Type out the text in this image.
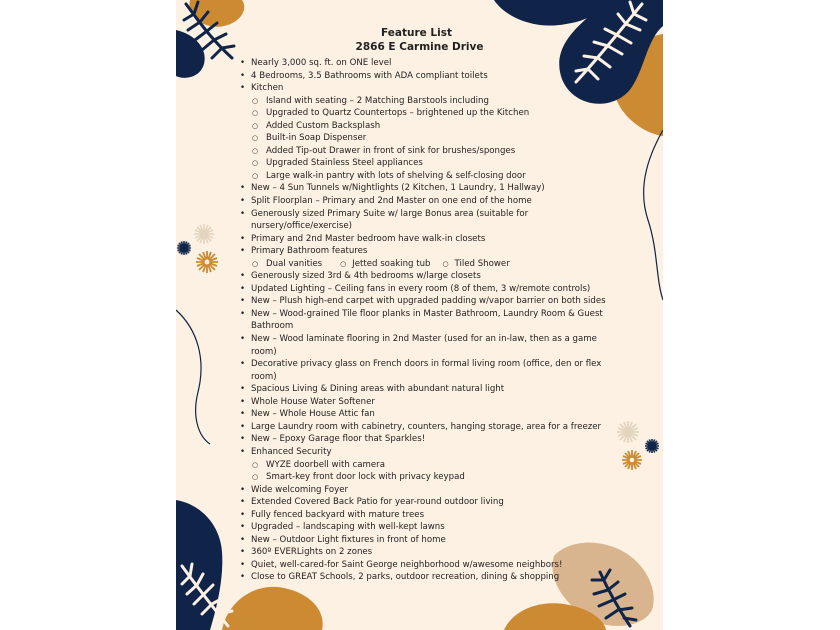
Feature List

2866 E Carmine Drive

• Nearly 3,000 sq. ft. on ONE level
• 4 Bedrooms, 3.5 Bathrooms with ADA compliant toilets
• Kitchen
○ Island with seating – 2 Matching Barstools including
○ Upgraded to Quartz Countertops – brightened up the Kitchen
○ Added Custom Backsplash
○ Built-in Soap Dispenser
○ Added Tip-out Drawer in front of sink for brushes/sponges
○ Upgraded Stainless Steel appliances
○ Large walk-in pantry with lots of shelving & self-closing door
• New – 4 Sun Tunnels w/Nightlights (2 Kitchen, 1 Laundry, 1 Hallway)
• Split Floorplan – Primary and 2nd Master on one end of the home
• Generously sized Primary Suite w/ large Bonus area (suitable for nursery/office/exercise)
• Primary and 2nd Master bedroom have walk-in closets
• Primary Bathroom features
○ Dual vanities	○ Jetted soaking tub	○ Tiled Shower
• Generously sized 3rd & 4th bedrooms w/large closets
• Updated Lighting – Ceiling fans in every room (8 of them, 3 w/remote controls)
• New – Plush high-end carpet with upgraded padding w/vapor barrier on both sides
• New – Wood-grained Tile floor planks in Master Bathroom, Laundry Room & Guest Bathroom
• New – Wood laminate flooring in 2nd Master (used for an in-law, then as a game room)
• Decorative privacy glass on French doors in formal living room (office, den or flex room)
• Spacious Living & Dining areas with abundant natural light
• Whole House Water Softener
• New – Whole House Attic fan
• Large Laundry room with cabinetry, counters, hanging storage, area for a freezer
• New – Epoxy Garage floor that Sparkles!
• Enhanced Security
○ WYZE doorbell with camera
○ Smart-key front door lock with privacy keypad
• Wide welcoming Foyer
• Extended Covered Back Patio for year-round outdoor living
• Fully fenced backyard with mature trees
• Upgraded – landscaping with well-kept lawns
• New – Outdoor Light fixtures in front of home
• 360º EVERLights on 2 zones
• Quiet, well-cared-for Saint George neighborhood w/awesome neighbors!
• Close to GREAT Schools, 2 parks, outdoor recreation, dining & shopping
